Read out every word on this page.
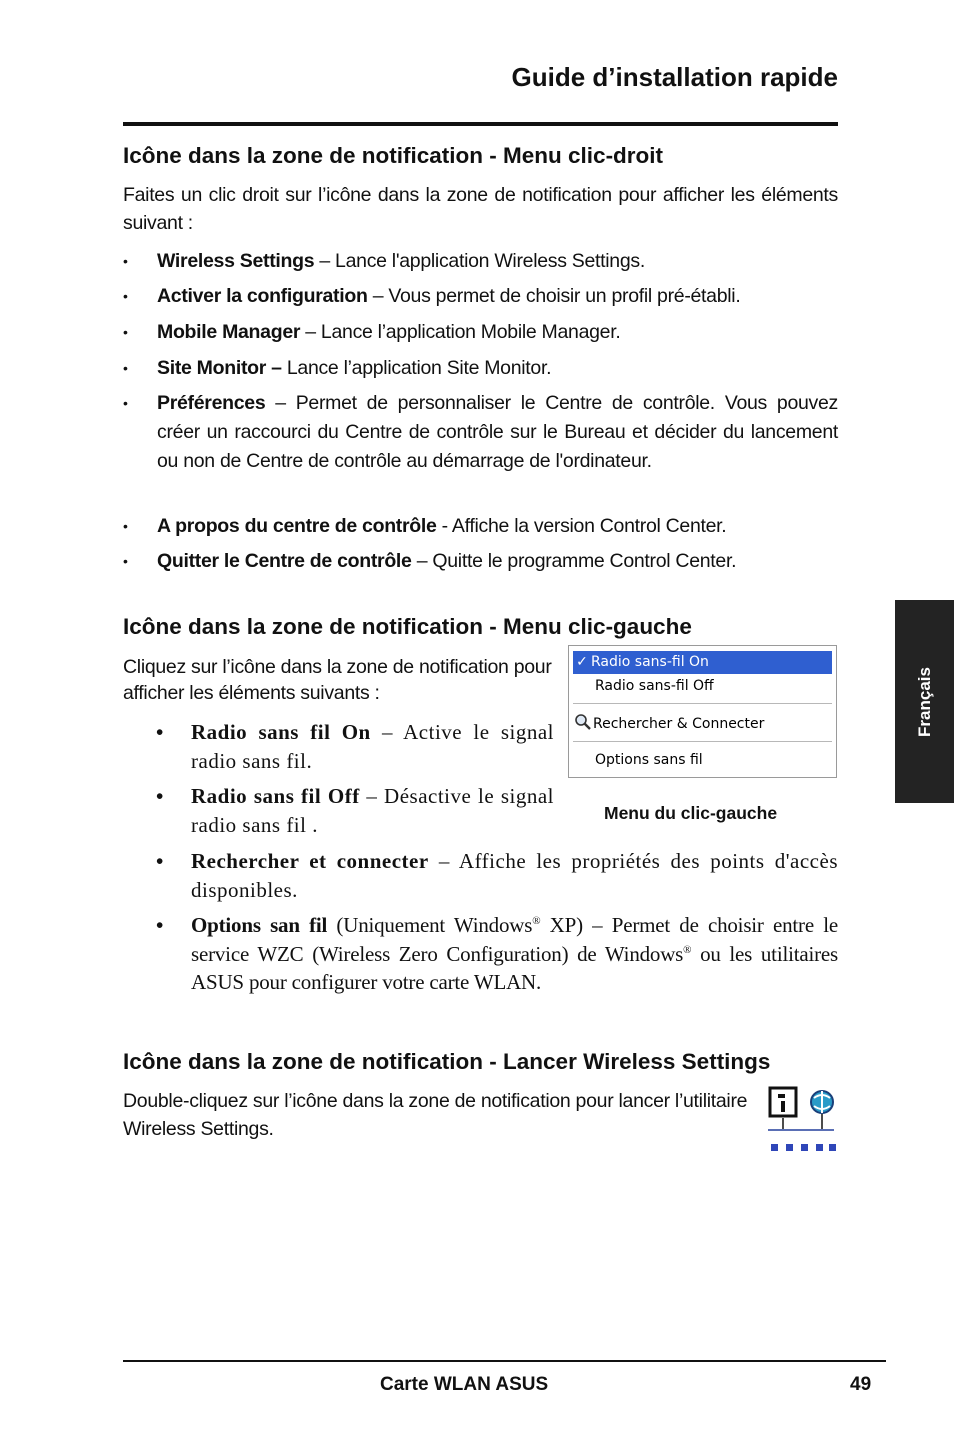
Guide d’installation rapide
Icône dans la zone de notification - Menu clic-droit
Faites un clic droit sur l’icône dans la zone de notification pour afficher les éléments suivant :
•	Wireless Settings – Lance l'application Wireless Settings.
•	Activer la configuration – Vous permet de choisir un profil pré-établi.
•	Mobile Manager – Lance l’application Mobile Manager.
•	Site Monitor – Lance l’application Site Monitor.
•	Préférences – Permet de personnaliser le Centre de contrôle. Vous pouvez créer un raccourci du Centre de contrôle sur le Bureau et décider du lancement ou non de Centre de contrôle au démarrage de l'ordinateur.
•	A propos du centre de contrôle - Affiche la version Control Center.
•	Quitter le Centre de contrôle – Quitte le programme Control Center.
Icône dans la zone de notification - Menu clic-gauche
Cliquez sur l’icône dans la zone de notification pour afficher les éléments suivants :
• Radio sans fil On – Active le signal radio sans fil.
• Radio sans fil Off – Désactive le signal radio sans fil .
• Rechercher et connecter – Affiche les propriétés des points d'accès disponibles.
• Options san fil (Uniquement Windows® XP) – Permet de choisir entre le service WZC (Wireless Zero Configuration) de Windows® ou les utilitaires ASUS pour configurer votre carte WLAN.
✓ Radio sans-fil On
Radio sans-fil Off
Rechercher & Connecter
Options sans fil
Menu du clic-gauche
Icône dans la zone de notification - Lancer Wireless Settings
Double-cliquez sur l’icône dans la zone de notification pour lancer l’utilitaire Wireless Settings.
Français
Carte WLAN ASUS	49
